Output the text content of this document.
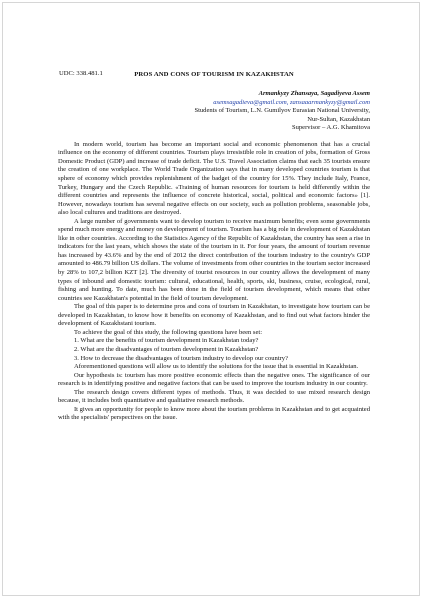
UDC: 338.481.1	PROS AND CONS OF TOURISM IN KAZAKHSTAN

Armankyzy Zhansaya, Sagadiyeva Assem

asemsagadieva@gmail.com, zansaaarmankyzy@gmail.com

Students of Tourism, L.N. Gumilyov Eurasian National University,

Nur-Sultan, Kazakhstan

Supervisor – A.G. Khamitova

In modern world, tourism has become an important social and economic phenomenon that has a crucial influence on the economy of different countries. Tourism plays irresistible role in creation of jobs, formation of Gross Domestic Product (GDP) and increase of trade deficit. The U.S. Travel Association claims that each 35 tourists ensure the creation of one workplace. The World Trade Organization says that in many developed countries tourism is that sphere of economy which provides replenishment of the badget of the country for 15%. They include Italy, France, Turkey, Hungary and the Czech Republic. «Training of human resources for tourism is held differently within the different countries and represents the influence of concrete historical, social, political and economic factors» [1]. However, nowadays tourism has several negative effects on our society, such as pollution problems, seasonable jobs, also local cultures and traditions are destroyed.

A large number of governments want to develop tourism to receive maximum benefits; even some governments spend much more energy and money on development of tourism. Tourism has a big role in development of Kazakhstan like in other countries. According to the Statistics Agency of the Republic of Kazakhstan, the country has seen a rise in indicators for the last years, which shows the state of the tourism in it. For four years, the amount of tourism revenue has increased by 43.6% and by the end of 2012 the direct contribution of the tourism industry to the country's GDP amounted to 486.79 billion US dollars. The volume of investments from other countries in the tourism sector increased by 28% to 107,2 billion KZT [2]. The diversity of tourist resources in our country allows the development of many types of inbound and domestic tourism: cultural, educational, health, sports, ski, business, cruise, ecological, rural, fishing and hunting. To date, much has been done in the field of tourism development, which means that other countries see Kazakhstan's potential in the field of tourism development.

The goal of this paper is to determine pros and cons of tourism in Kazakhstan, to investigate how tourism can be developed in Kazakhstan, to know how it benefits on economy of Kazakhstan, and to find out what factors hinder the development of Kazakhstani tourism.

To achieve the goal of this study, the following questions have been set:

1. What are the benefits of tourism development in Kazakhstan today?

2. What are the disadvantages of tourism development in Kazakhstan?

3. How to decrease the disadvantages of tourism industry to develop our country?

Aforementioned questions will allow us to identify the solutions for the issue that is essential in Kazakhstan.

Our hypothesis is: tourism has more positive economic effects than the negative ones. The significance of our research is in identifying positive and negative factors that can be used to improve the tourism industry in our country.

The research design covers different types of methods. Thus, it was decided to use mixed research design because, it includes both quantitative and qualitative research methods.

It gives an opportunity for people to know more about the tourism problems in Kazakhstan and to get acquainted with the specialists' perspectives on the issue.
